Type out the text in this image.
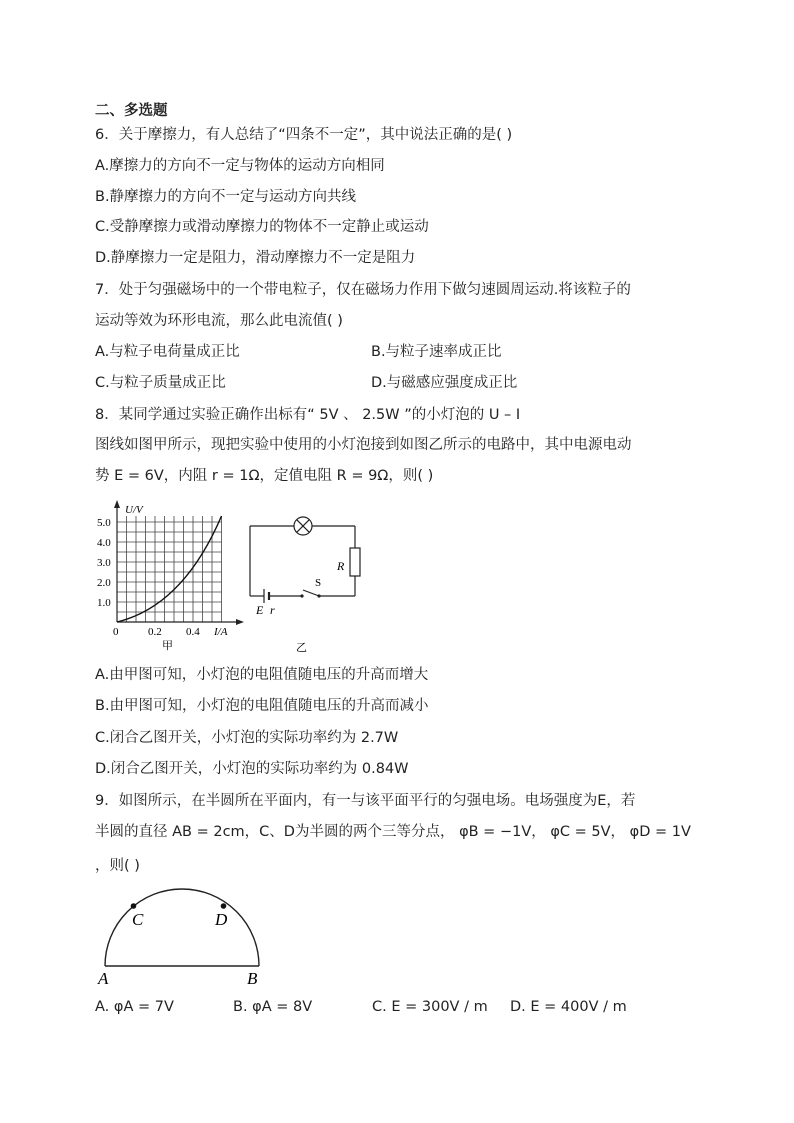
二、多选题
6．关于摩擦力，有人总结了“四条不一定”，其中说法正确的是( )
A.摩擦力的方向不一定与物体的运动方向相同
B.静摩擦力的方向不一定与运动方向共线
C.受静摩擦力或滑动摩擦力的物体不一定静止或运动
D.静摩擦力一定是阻力，滑动摩擦力不一定是阻力
7．处于匀强磁场中的一个带电粒子，仅在磁场力作用下做匀速圆周运动.将该粒子的
运动等效为环形电流，那么此电流值( )
A.与粒子电荷量成正比	B.与粒子速率成正比
C.与粒子质量成正比	D.与磁感应强度成正比
8．某同学通过实验正确作出标有“ 5V 、 2.5W ”的小灯泡的 U – I
图线如图甲所示，现把实验中使用的小灯泡接到如图乙所示的电路中，其中电源电动
势 E = 6V，内阻 r = 1Ω，定值电阻 R = 9Ω，则( )
U/V
5.0
4.0
3.0
2.0
1.0
0	0.2 0.4 I/A
甲
R
S
E r
乙
A.由甲图可知，小灯泡的电阻值随电压的升高而增大
B.由甲图可知，小灯泡的电阻值随电压的升高而减小
C.闭合乙图开关，小灯泡的实际功率约为 2.7W
D.闭合乙图开关，小灯泡的实际功率约为 0.84W
9．如图所示，在半圆所在平面内，有一与该平面平行的匀强电场。电场强度为E，若
半圆的直径 AB = 2cm，C、D为半圆的两个三等分点， φB = −1V， φC = 5V， φD = 1V
，则( )
C	D
A	B
A. φA = 7V	B. φA = 8V	C. E = 300V / m D. E = 400V / m
